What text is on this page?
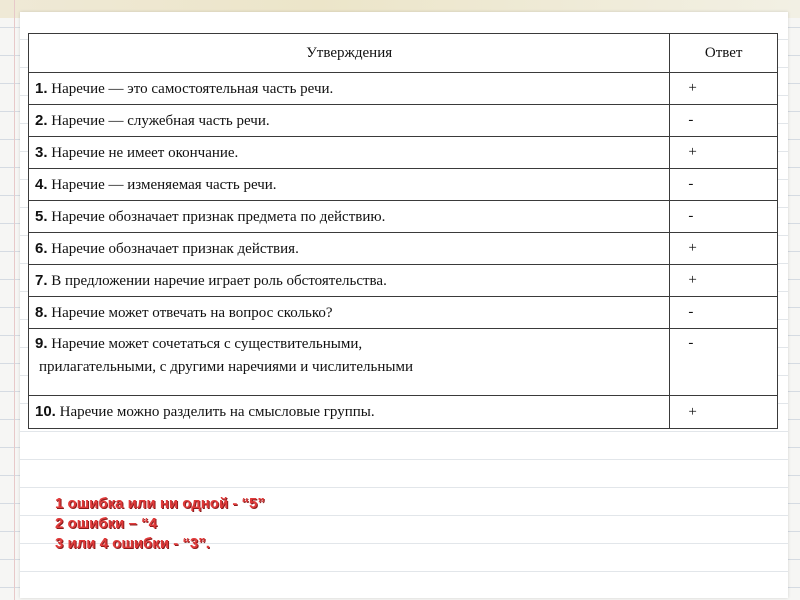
Утверждения	Ответ
1. Наречие — это самостоятельная часть речи.	+
2. Наречие — служебная часть речи.	-
3. Наречие не имеет окончание.	+
4. Наречие — изменяемая часть речи.	-
5. Наречие обозначает признак предмета по действию.	-
6. Наречие обозначает признак действия.	+
7. В предложении наречие играет роль обстоятельства.	+
8. Наречие может отвечать на вопрос сколько?	-
9. Наречие может сочетаться с существительными,
прилагательными, с другими наречиями и числительными	-
10. Наречие можно разделить на смысловые группы.	+
1 ошибка или ни одной - “5”
2 ошибки – “4
3 или 4 ошибки - “3”.
